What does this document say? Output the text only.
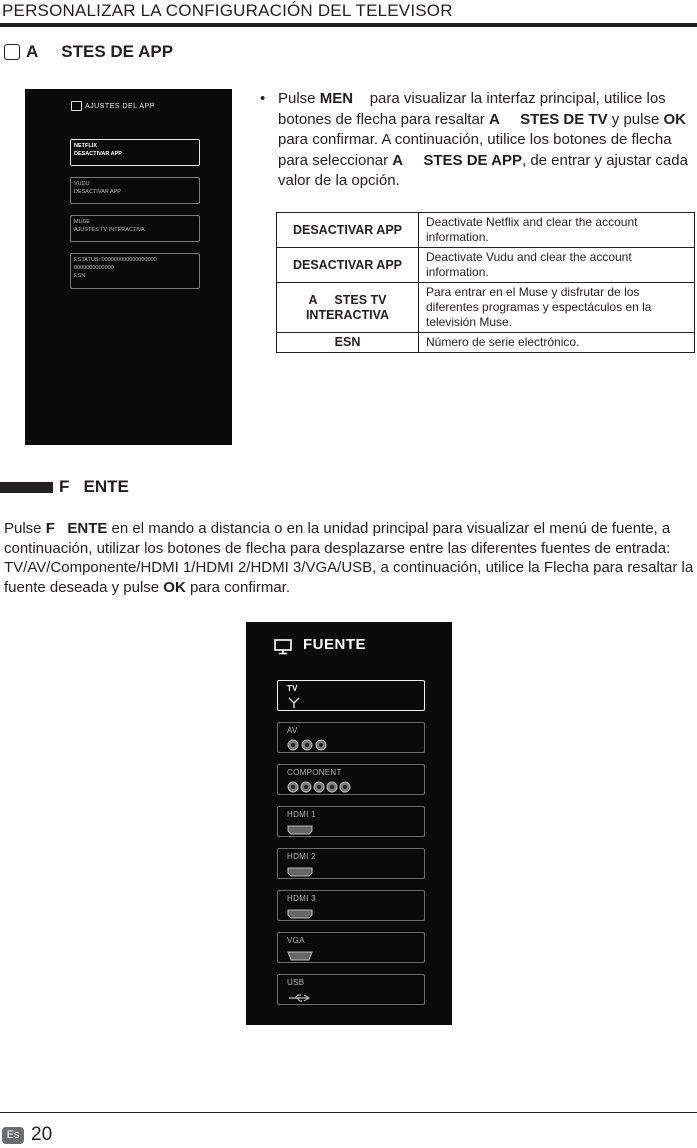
PERSONALIZAR LA CONFIGURACIÓN DEL TELEVISOR
A     STES DE APP
AJUSTES DEL APP
NETFLIX
DESACTIVAR APP
VUDU
DESACTIVAR APP
MUSE
AJUSTES TV INTERACTIVA
ESTATUS: 000000000000000000
0000000000000
ESN
• Pulse MEN    para visualizar la interfaz principal, utilice los botones de flecha para resaltar A     STES DE TV y pulse OK para confirmar. A continuación, utilice los botones de flecha para seleccionar A     STES DE APP, de entrar y ajustar cada valor de la opción.
DESACTIVAR APP	Deactivate Netflix and clear the account information.
DESACTIVAR APP	Deactivate Vudu and clear the account information.
A     STES TV INTERACTIVA	Para entrar en el Muse y disfrutar de los diferentes programas y espectáculos en la televisión Muse.
ESN	Número de serie electrónico.
F   ENTE
Pulse F   ENTE en el mando a distancia o en la unidad principal para visualizar el menú de fuente, a continuación, utilizar los botones de flecha para desplazarse entre las diferentes fuentes de entrada: TV/AV/Componente/HDMI 1/HDMI 2/HDMI 3/VGA/USB, a continuación, utilice la Flecha para resaltar la fuente deseada y pulse OK para confirmar.
FUENTE
TV
AV
COMPONENT
HDMI 1
HDMI 2
HDMI 3
VGA
USB
Es 20
